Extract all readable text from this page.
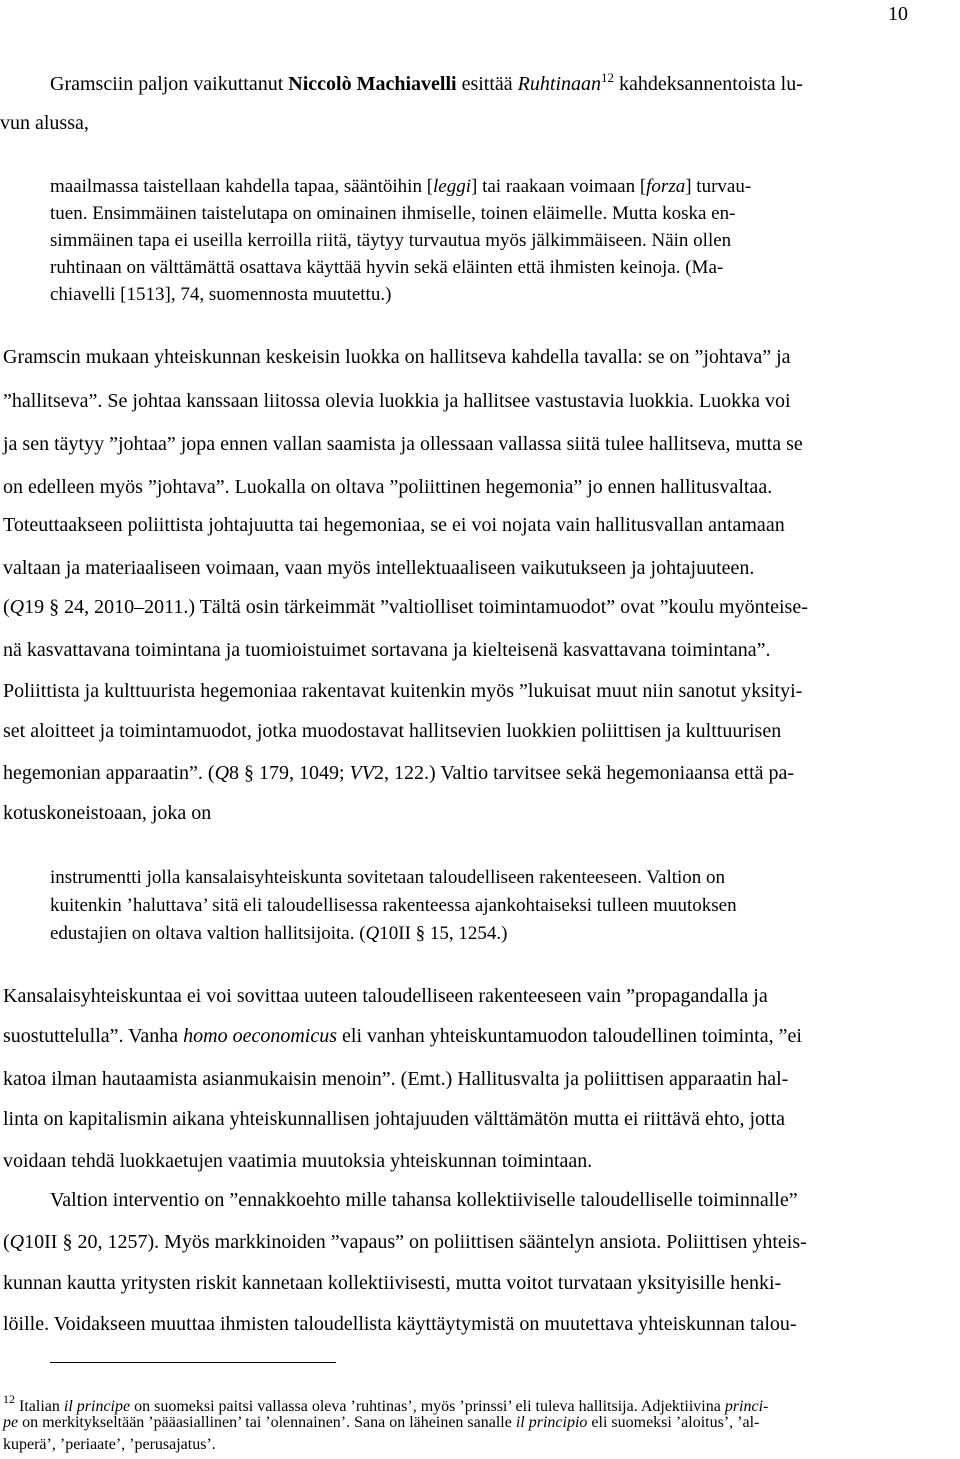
10
Gramsciin paljon vaikuttanut Niccolò Machiavelli esittää Ruhtinaan$^{12}$ kahdeksannentoista lu-
vun alussa,
maailmassa taistellaan kahdella tapaa, sääntöihin [leggi] tai raakaan voimaan [forza] turvau-
tuen. Ensimmäinen taistelutapa on ominainen ihmiselle, toinen eläimelle. Mutta koska en-
simmäinen tapa ei useilla kerroilla riitä, täytyy turvautua myös jälkimmäiseen. Näin ollen
ruhtinaan on välttämättä osattava käyttää hyvin sekä eläinten että ihmisten keinoja. (Ma-
chiavelli [1513], 74, suomennosta muutettu.)
Gramscin mukaan yhteiskunnan keskeisin luokka on hallitseva kahdella tavalla: se on ”johtava” ja
”hallitseva”. Se johtaa kanssaan liitossa olevia luokkia ja hallitsee vastustavia luokkia. Luokka voi
ja sen täytyy ”johtaa” jopa ennen vallan saamista ja ollessaan vallassa siitä tulee hallitseva, mutta se
on edelleen myös ”johtava”. Luokalla on oltava ”poliittinen hegemonia” jo ennen hallitusvaltaa.
Toteuttaakseen poliittista johtajuutta tai hegemoniaa, se ei voi nojata vain hallitusvallan antamaan
valtaan ja materiaaliseen voimaan, vaan myös intellektuaaliseen vaikutukseen ja johtajuuteen.
(Q19 § 24, 2010–2011.) Tältä osin tärkeimmät ”valtiolliset toimintamuodot” ovat ”koulu myönteise-
nä kasvattavana toimintana ja tuomioistuimet sortavana ja kielteisenä kasvattavana toimintana”.
Poliittista ja kulttuurista hegemoniaa rakentavat kuitenkin myös ”lukuisat muut niin sanotut yksityi-
set aloitteet ja toimintamuodot, jotka muodostavat hallitsevien luokkien poliittisen ja kulttuurisen
hegemonian apparaatin”. (Q8 § 179, 1049; VV2, 122.) Valtio tarvitsee sekä hegemoniaansa että pa-
kotuskoneistoaan, joka on
instrumentti jolla kansalaisyhteiskunta sovitetaan taloudelliseen rakenteeseen. Valtion on
kuitenkin ’haluttava’ sitä eli taloudellisessa rakenteessa ajankohtaiseksi tulleen muutoksen
edustajien on oltava valtion hallitsijoita. (Q10II § 15, 1254.)
Kansalaisyhteiskuntaa ei voi sovittaa uuteen taloudelliseen rakenteeseen vain ”propagandalla ja
suostuttelulla”. Vanha homo oeconomicus eli vanhan yhteiskuntamuodon taloudellinen toiminta, ”ei
katoa ilman hautaamista asianmukaisin menoin”. (Emt.) Hallitusvalta ja poliittisen apparaatin hal-
linta on kapitalismin aikana yhteiskunnallisen johtajuuden välttämätön mutta ei riittävä ehto, jotta
voidaan tehdä luokkaetujen vaatimia muutoksia yhteiskunnan toimintaan.
Valtion interventio on ”ennakkoehto mille tahansa kollektiiviselle taloudelliselle toiminnalle”
(Q10II § 20, 1257). Myös markkinoiden ”vapaus” on poliittisen sääntelyn ansiota. Poliittisen yhteis-
kunnan kautta yritysten riskit kannetaan kollektiivisesti, mutta voitot turvataan yksityisille henki-
löille. Voidakseen muuttaa ihmisten taloudellista käyttäytymistä on muutettava yhteiskunnan talou-
$^{12}$ Italian il principe on suomeksi paitsi vallassa oleva ’ruhtinas’, myös ’prinssi’ eli tuleva hallitsija. Adjektiivina princi-
pe on merkitykseltään ’pääasiallinen’ tai ’olennainen’. Sana on läheinen sanalle il principio eli suomeksi ’aloitus’, ’al-
kuperä’, ’periaate’, ’perusajatus’.
